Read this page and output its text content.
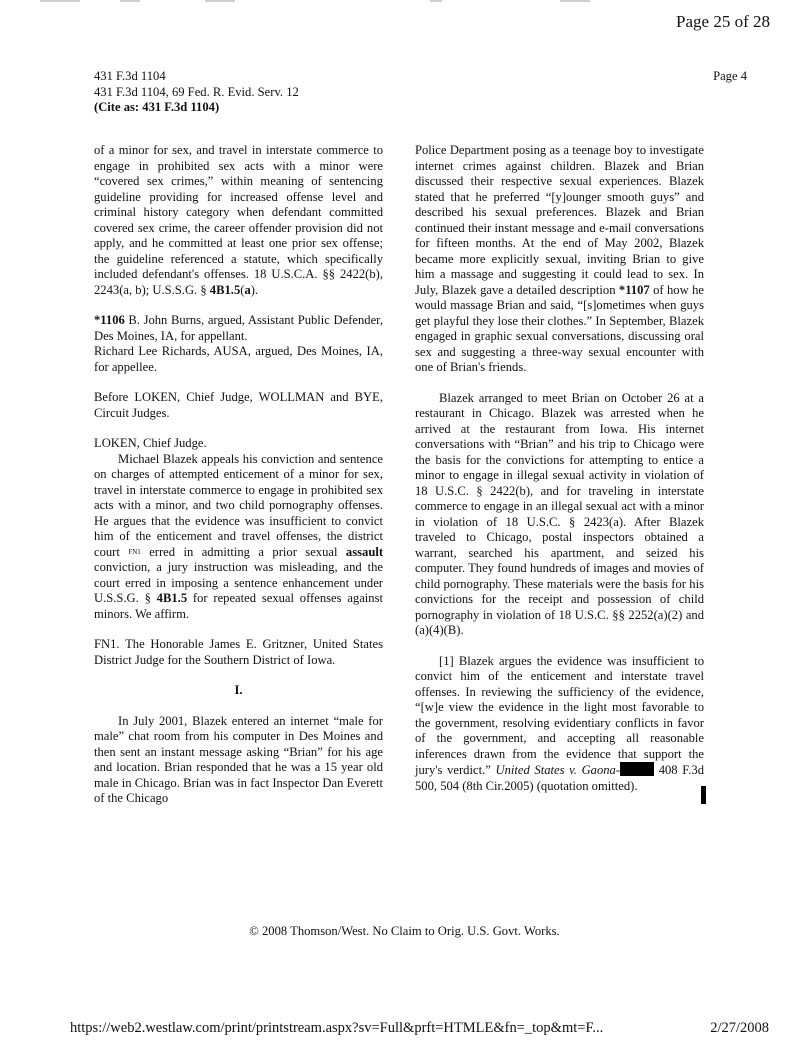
Page 25 of 28
431 F.3d 1104
431 F.3d 1104, 69 Fed. R. Evid. Serv. 12
(Cite as: 431 F.3d 1104)
Page 4

of a minor for sex, and travel in interstate commerce to engage in prohibited sex acts with a minor were “covered sex crimes,” within meaning of sentencing guideline providing for increased offense level and criminal history category when defendant committed covered sex crime, the career offender provision did not apply, and he committed at least one prior sex offense; the guideline referenced a statute, which specifically included defendant's offenses. 18 U.S.C.A. §§ 2422(b), 2243(a, b); U.S.S.G. § 4B1.5(a).

*1106 B. John Burns, argued, Assistant Public Defender, Des Moines, IA, for appellant.

Richard Lee Richards, AUSA, argued, Des Moines, IA, for appellee.

Before LOKEN, Chief Judge, WOLLMAN and BYE, Circuit Judges.

LOKEN, Chief Judge.

Michael Blazek appeals his conviction and sentence on charges of attempted enticement of a minor for sex, travel in interstate commerce to engage in prohibited sex acts with a minor, and two child pornography offenses. He argues that the evidence was insufficient to convict him of the enticement and travel offenses, the district court $^{FN1}$ erred in admitting a prior sexual assault conviction, a jury instruction was misleading, and the court erred in imposing a sentence enhancement under U.S.S.G. § 4B1.5 for repeated sexual offenses against minors. We affirm.

FN1. The Honorable James E. Gritzner, United States District Judge for the Southern District of Iowa.

I.

In July 2001, Blazek entered an internet “male for male” chat room from his computer in Des Moines and then sent an instant message asking “Brian” for his age and location. Brian responded that he was a 15 year old male in Chicago. Brian was in fact Inspector Dan Everett of the Chicago

Police Department posing as a teenage boy to investigate internet crimes against children. Blazek and Brian discussed their respective sexual experiences. Blazek stated that he preferred “[y]ounger smooth guys” and described his sexual preferences. Blazek and Brian continued their instant message and e-mail conversations for fifteen months. At the end of May 2002, Blazek became more explicitly sexual, inviting Brian to give him a massage and suggesting it could lead to sex. In July, Blazek gave a detailed description *1107 of how he would massage Brian and said, “[s]ometimes when guys get playful they lose their clothes.” In September, Blazek engaged in graphic sexual conversations, discussing oral sex and suggesting a three-way sexual encounter with one of Brian's friends.

Blazek arranged to meet Brian on October 26 at a restaurant in Chicago. Blazek was arrested when he arrived at the restaurant from Iowa. His internet conversations with “Brian” and his trip to Chicago were the basis for the convictions for attempting to entice a minor to engage in illegal sexual activity in violation of 18 U.S.C. § 2422(b), and for traveling in interstate commerce to engage in an illegal sexual act with a minor in violation of 18 U.S.C. § 2423(a). After Blazek traveled to Chicago, postal inspectors obtained a warrant, searched his apartment, and seized his computer. They found hundreds of images and movies of child pornography. These materials were the basis for his convictions for the receipt and possession of child pornography in violation of 18 U.S.C. §§ 2252(a)(2) and (a)(4)(B).

[1] Blazek argues the evidence was insufficient to convict him of the enticement and interstate travel offenses. In reviewing the sufficiency of the evidence, “[w]e view the evidence in the light most favorable to the government, resolving evidentiary conflicts in favor of the government, and accepting all reasonable inferences drawn from the evidence that support the jury's verdict.” United States v. Gaona-	408 F.3d 500, 504 (8th Cir.2005) (quotation omitted).

© 2008 Thomson/West. No Claim to Orig. U.S. Govt. Works.
https://web2.westlaw.com/print/printstream.aspx?sv=Full&prft=HTMLE&fn=_top&mt=F...	2/27/2008
